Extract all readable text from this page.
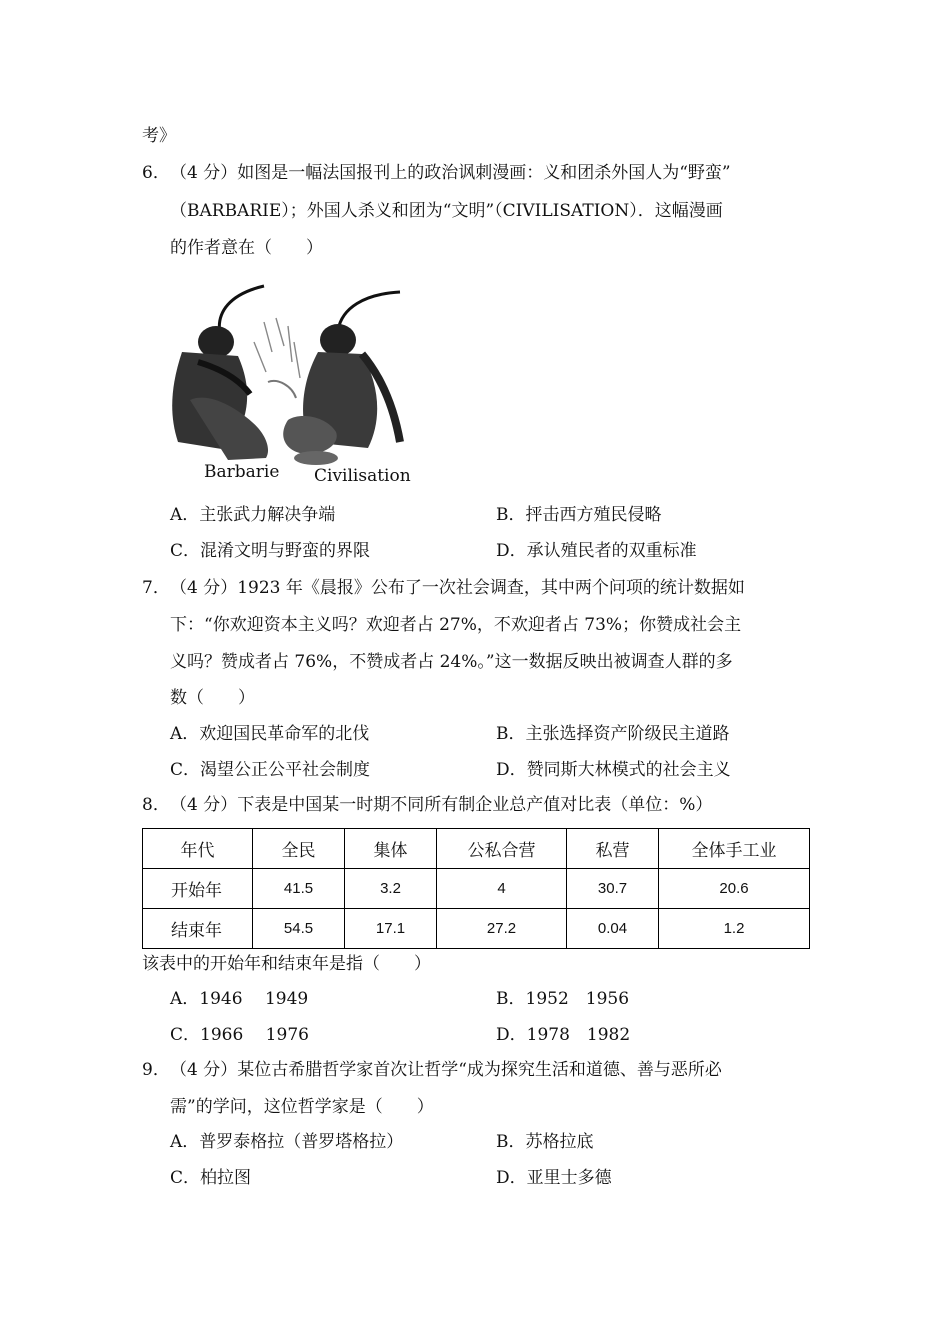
考》
6． （4 分）如图是一幅法国报刊上的政治讽刺漫画：义和团杀外国人为“野蛮”
（BARBARIE）；外国人杀义和团为“文明”（CIVILISATION）．这幅漫画
的作者意在（　　）
Barbarie Civilisation
A．主张武力解决争端	B．抨击西方殖民侵略
C．混淆文明与野蛮的界限	D．承认殖民者的双重标准
7． （4 分）1923 年《晨报》公布了一次社会调查，其中两个问项的统计数据如
下：“你欢迎资本主义吗？欢迎者占 27%，不欢迎者占 73%；你赞成社会主
义吗？赞成者占 76%，不赞成者占 24%。”这一数据反映出被调查人群的多
数（　　）
A．欢迎国民革命军的北伐	B．主张选择资产阶级民主道路
C．渴望公正公平社会制度	D．赞同斯大林模式的社会主义
8． （4 分）下表是中国某一时期不同所有制企业总产值对比表（单位：%）
年代	全民	集体	公私合营	私营	全体手工业
开始年	41.5	3.2	4	30.7	20.6
结束年	54.5	17.1	27.2	0.04	1.2
该表中的开始年和结束年是指（　　）
A．1946　 1949	B．1952　1956
C．1966　 1976	D．1978　1982
9． （4 分）某位古希腊哲学家首次让哲学“成为探究生活和道德、善与恶所必
需”的学问，这位哲学家是（　　）
A．普罗泰格拉（普罗塔格拉）	B．苏格拉底
C．柏拉图	D．亚里士多德
